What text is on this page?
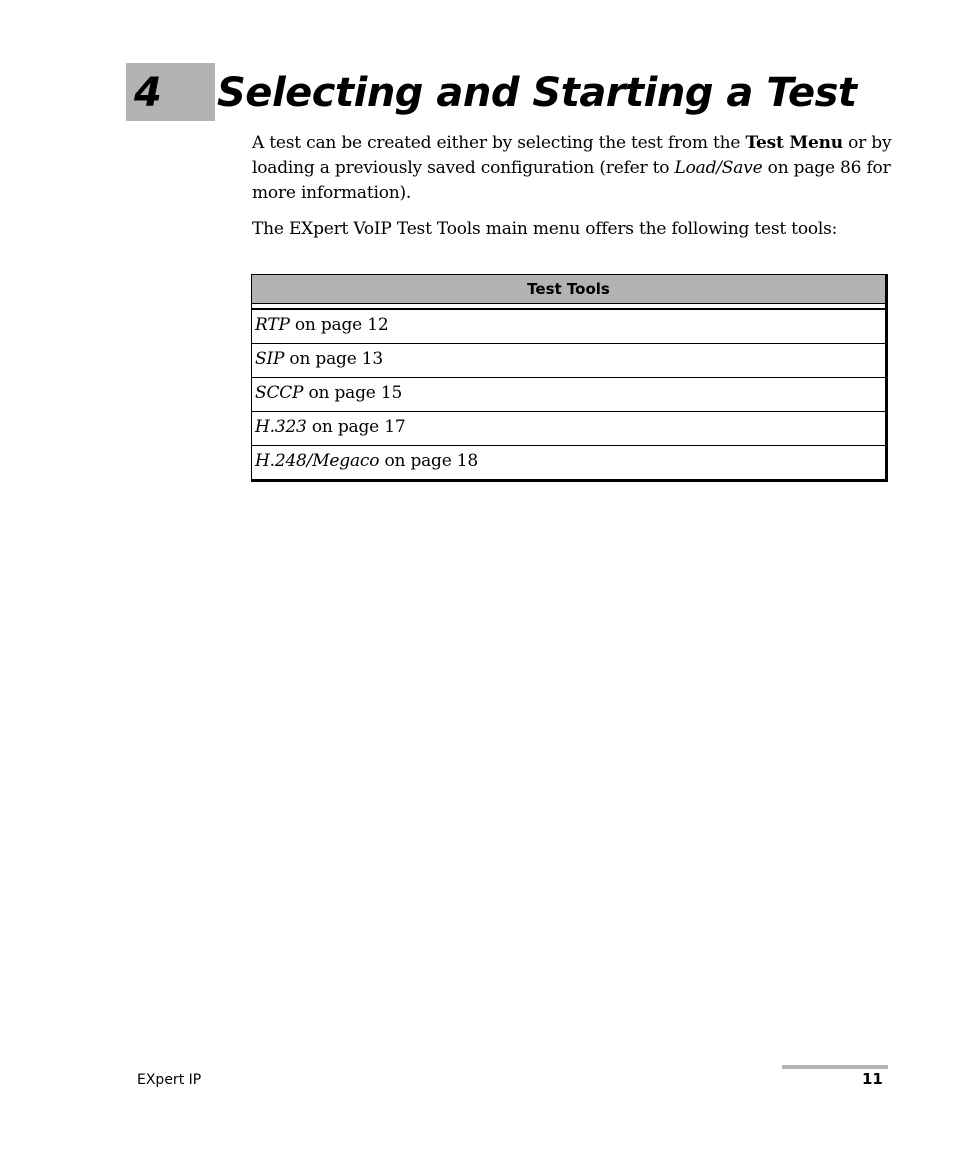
4 Selecting and Starting a Test
A test can be created either by selecting the test from the Test Menu or by loading a previously saved configuration (refer to Load/Save on page 86 for more information).
The EXpert VoIP Test Tools main menu offers the following test tools:
Test Tools
RTP on page 12
SIP on page 13
SCCP on page 15
H.323 on page 17
H.248/Megaco on page 18
EXpert IP	11
